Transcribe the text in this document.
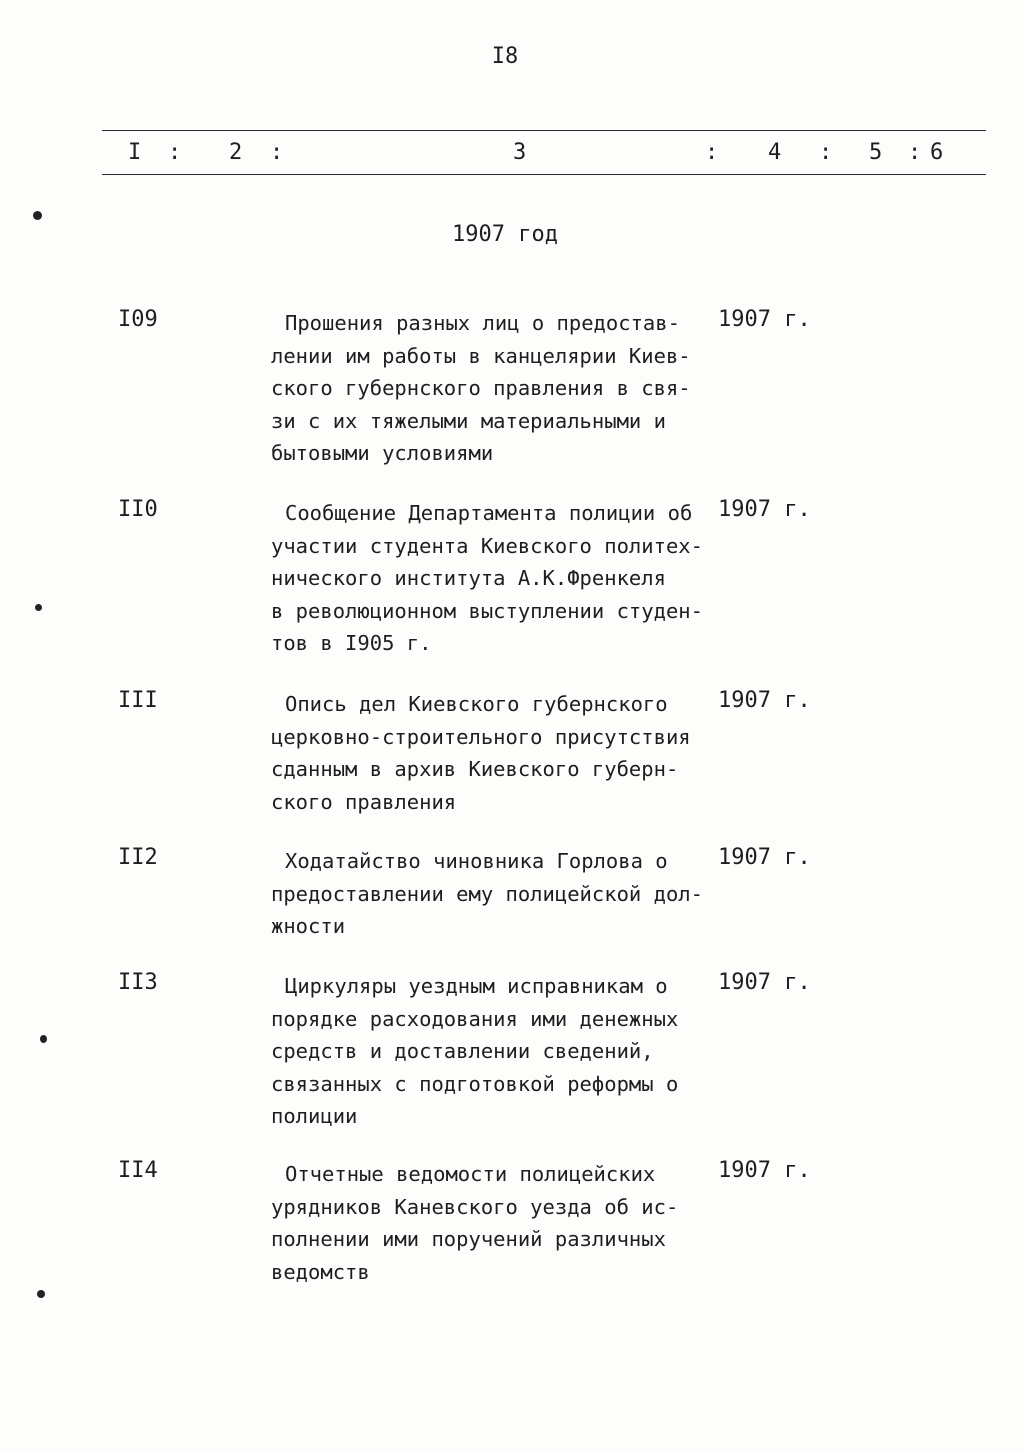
I8
I : 2 :	3	: 4 : 5 : 6
1907 год
I09	Прошения разных лиц о предостав-
лении им работы в канцелярии Киев-
ского губернского правления в свя-
зи с их тяжелыми материальными и
бытовыми условиями
1907 г.
II0	Сообщение Департамента полиции об
участии студента Киевского политех-
нического института А.К.Френкеля
в революционном выступлении студен-
тов в I905 г.
1907 г.
III	Опись дел Киевского губернского
церковно-строительного присутствия
сданным в архив Киевского губерн-
ского правления
1907 г.
II2	Ходатайство чиновника Горлова о
предоставлении ему полицейской дол-
жности
1907 г.
II3	Циркуляры уездным исправникам о
порядке расходования ими денежных
средств и доставлении сведений,
связанных с подготовкой реформы о
полиции
1907 г.
II4	Отчетные ведомости полицейских
урядников Каневского уезда об ис-
полнении ими поручений различных
ведомств
1907 г.
